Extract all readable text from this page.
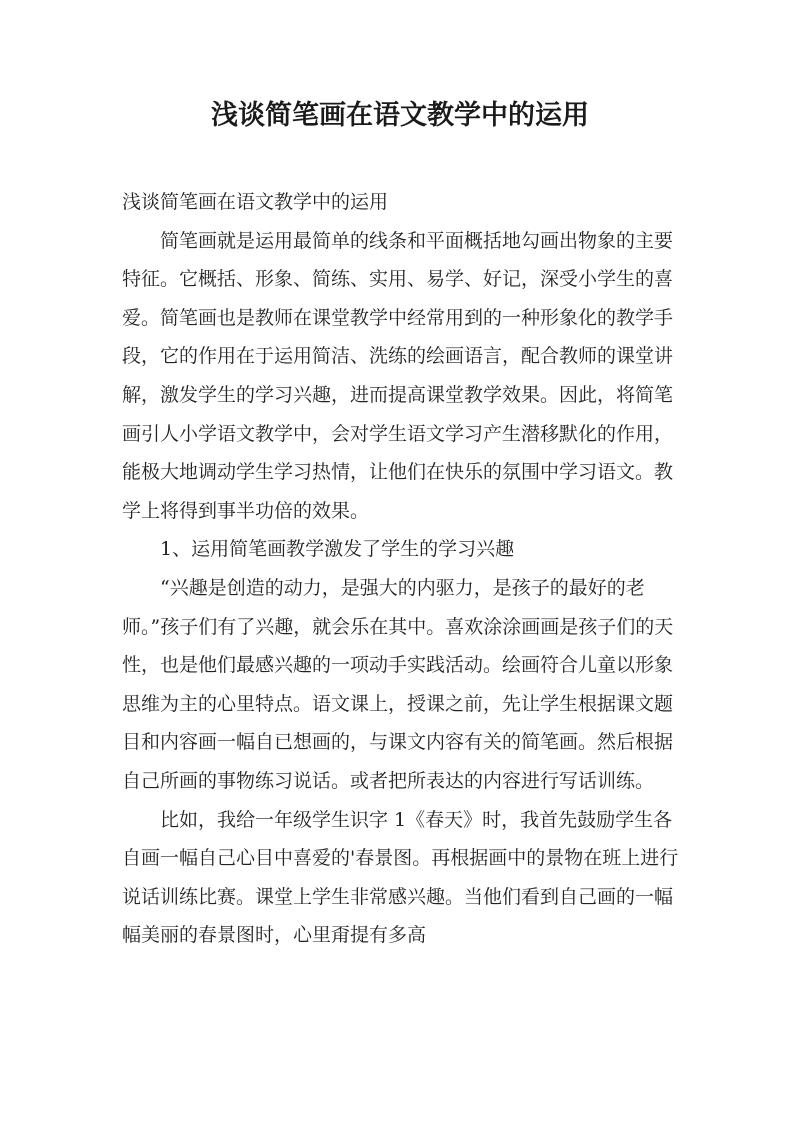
浅谈简笔画在语文教学中的运用

浅谈简笔画在语文教学中的运用

简笔画就是运用最简单的线条和平面概括地勾画出物象的主要特征。它概括、形象、简练、实用、易学、好记，深受小学生的喜爱。简笔画也是教师在课堂教学中经常用到的一种形象化的教学手段，它的作用在于运用简洁、洗练的绘画语言，配合教师的课堂讲解，激发学生的学习兴趣，进而提高课堂教学效果。因此，将简笔画引人小学语文教学中，会对学生语文学习产生潜移默化的作用，能极大地调动学生学习热情，让他们在快乐的氛围中学习语文。教学上将得到事半功倍的效果。

1、运用简笔画教学激发了学生的学习兴趣

“兴趣是创造的动力，是强大的内驱力，是孩子的最好的老师。”孩子们有了兴趣，就会乐在其中。喜欢涂涂画画是孩子们的天性，也是他们最感兴趣的一项动手实践活动。绘画符合儿童以形象思维为主的心里特点。语文课上，授课之前，先让学生根据课文题目和内容画一幅自已想画的，与课文内容有关的简笔画。然后根据自己所画的事物练习说话。或者把所表达的内容进行写话训练。

比如，我给一年级学生识字 1《春天》时，我首先鼓励学生各自画一幅自己心目中喜爱的'春景图。再根据画中的景物在班上进行说话训练比赛。课堂上学生非常感兴趣。当他们看到自己画的一幅幅美丽的春景图时，心里甭提有多高
